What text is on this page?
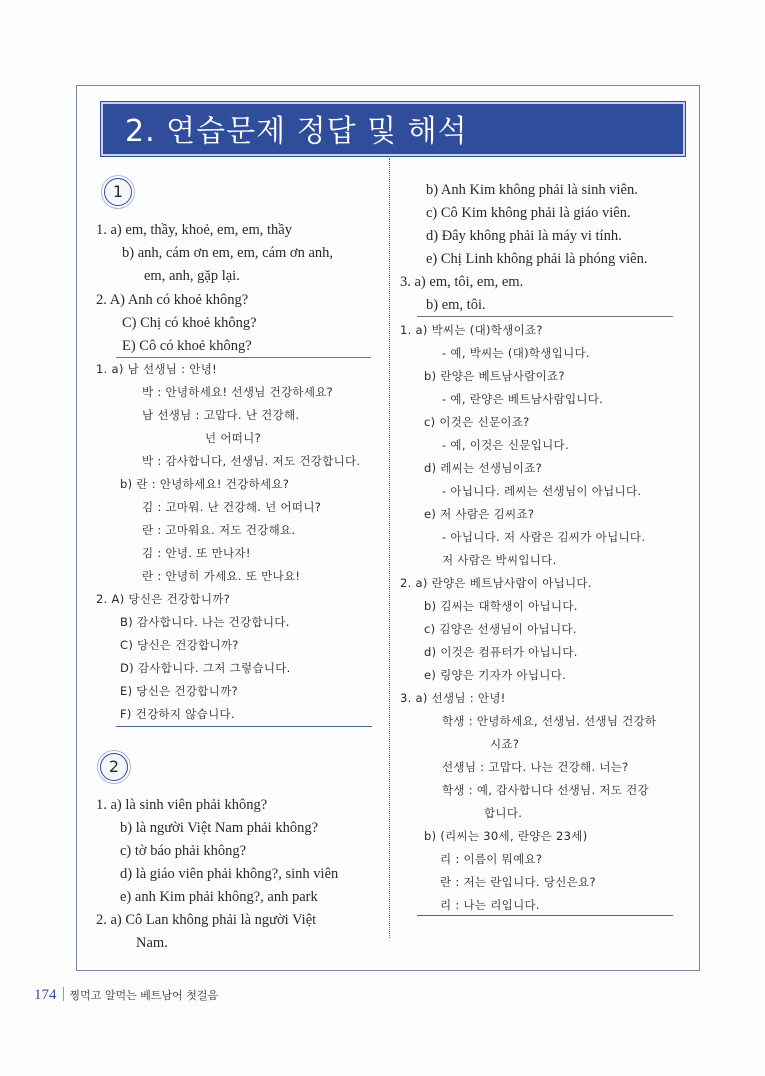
2. 연습문제 정답 및 해석
1
1. a) em, thầy, khoẻ, em, em, thầy
b) anh, cám ơn em, em, cám ơn anh,
em, anh, gặp lại.
2. A) Anh có khoẻ không?
C) Chị có khoẻ không?
E) Cô có khoẻ không?
1. a) 남 선생님 : 안녕!
박 : 안녕하세요! 선생님 건강하세요?
남 선생님 : 고맙다. 난 건강해.
넌 어떠니?
박 : 감사합니다, 선생님. 저도 건강합니다.
b) 란 : 안녕하세요! 건강하세요?
김 : 고마워. 난 건강해. 넌 어떠니?
란 : 고마워요. 저도 건강해요.
김 : 안녕. 또 만나자!
란 : 안녕히 가세요. 또 만나요!
2. A) 당신은 건강합니까?
B) 감사합니다. 나는 건강합니다.
C) 당신은 건강합니까?
D) 감사합니다. 그저 그렇습니다.
E) 당신은 건강합니까?
F) 건강하지 않습니다.
2
1. a) là sinh viên phải không?
b) là người Việt Nam phải không?
c) tờ báo phải không?
d) là giáo viên phải không?, sinh viên
e) anh Kim phải không?, anh park
2. a) Cô Lan không phải là người Việt
Nam.
b) Anh Kim không phải là sinh viên.
c) Cô Kim không phải là giáo viên.
d) Đây không phải là máy vi tính.
e) Chị Linh không phải là phóng viên.
3. a) em, tôi, em, em.
b) em, tôi.
1. a) 박씨는 (대)학생이죠?
- 예, 박씨는 (대)학생입니다.
b) 란양은 베트남사람이죠?
- 예, 란양은 베트남사람입니다.
c) 이것은 신문이죠?
- 예, 이것은 신문입니다.
d) 레씨는 선생님이죠?
- 아닙니다. 레씨는 선생님이 아닙니다.
e) 저 사람은 김씨죠?
- 아닙니다. 저 사람은 김씨가 아닙니다.
저 사람은 박씨입니다.
2. a) 란양은 베트남사람이 아닙니다.
b) 김씨는 대학생이 아닙니다.
c) 김양은 선생님이 아닙니다.
d) 이것은 컴퓨터가 아닙니다.
e) 링양은 기자가 아닙니다.
3. a) 선생님 : 안녕!
학생 : 안녕하세요, 선생님. 선생님 건강하
시죠?
선생님 : 고맙다. 나는 건강해. 너는?
학생 : 예, 감사합니다 선생님. 저도 건강
합니다.
b) (리씨는 30세, 란양은 23세)
리 : 이름이 뭐예요?
란 : 저는 란입니다. 당신은요?
리 : 나는 리입니다.
174 찡먹고 알먹는 베트남어 첫걸음
